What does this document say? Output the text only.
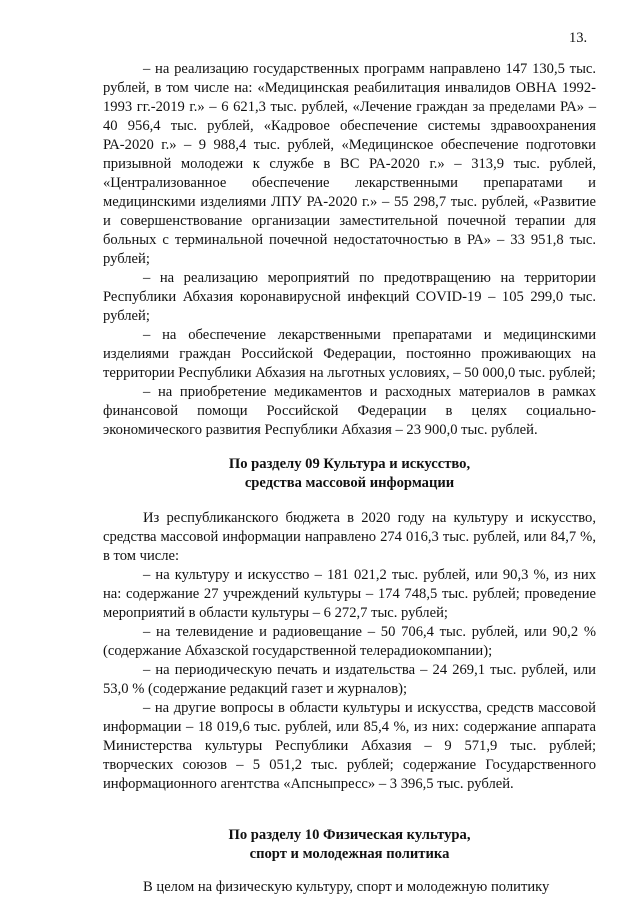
13.

– на реализацию государственных программ направлено 147 130,5 тыс. рублей, в том числе на: «Медицинская реабилитация инвалидов ОВНА 1992-1993 гг.-2019 г.» – 6 621,3 тыс. рублей, «Лечение граждан за пределами РА» – 40 956,4 тыс. рублей, «Кадровое обеспечение системы здравоохранения РА-2020 г.» – 9 988,4 тыс. рублей, «Медицинское обеспечение подготовки призывной молодежи к службе в ВС РА-2020 г.» – 313,9 тыс. рублей, «Централизованное обеспечение лекарственными препаратами и медицинскими изделиями ЛПУ РА-2020 г.» – 55 298,7 тыс. рублей, «Развитие и совершенствование организации заместительной почечной терапии для больных с терминальной почечной недостаточностью в РА» – 33 951,8 тыс. рублей;

– на реализацию мероприятий по предотвращению на территории Республики Абхазия коронавирусной инфекций COVID-19 – 105 299,0 тыс. рублей;

– на обеспечение лекарственными препаратами и медицинскими изделиями граждан Российской Федерации, постоянно проживающих на территории Республики Абхазия на льготных условиях, – 50 000,0 тыс. рублей;

– на приобретение медикаментов и расходных материалов в рамках финансовой помощи Российской Федерации в целях социально-экономического развития Республики Абхазия – 23 900,0 тыс. рублей.

По разделу 09 Культура и искусство,
средства массовой информации

Из республиканского бюджета в 2020 году на культуру и искусство, средства массовой информации направлено 274 016,3 тыс. рублей, или 84,7 %, в том числе:

– на культуру и искусство – 181 021,2 тыс. рублей, или 90,3 %, из них на: содержание 27 учреждений культуры – 174 748,5 тыс. рублей; проведение мероприятий в области культуры – 6 272,7 тыс. рублей;

– на телевидение и радиовещание – 50 706,4 тыс. рублей, или 90,2 % (содержание Абхазской государственной телерадиокомпании);

– на периодическую печать и издательства – 24 269,1 тыс. рублей, или 53,0 % (содержание редакций газет и журналов);

– на другие вопросы в области культуры и искусства, средств массовой информации – 18 019,6 тыс. рублей, или 85,4 %, из них: содержание аппарата Министерства культуры Республики Абхазия – 9 571,9 тыс. рублей; творческих союзов – 5 051,2 тыс. рублей; содержание Государственного информационного агентства «Апсныпресс» – 3 396,5 тыс. рублей.

По разделу 10 Физическая культура,
спорт и молодежная политика

В целом на физическую культуру, спорт и молодежную политику
